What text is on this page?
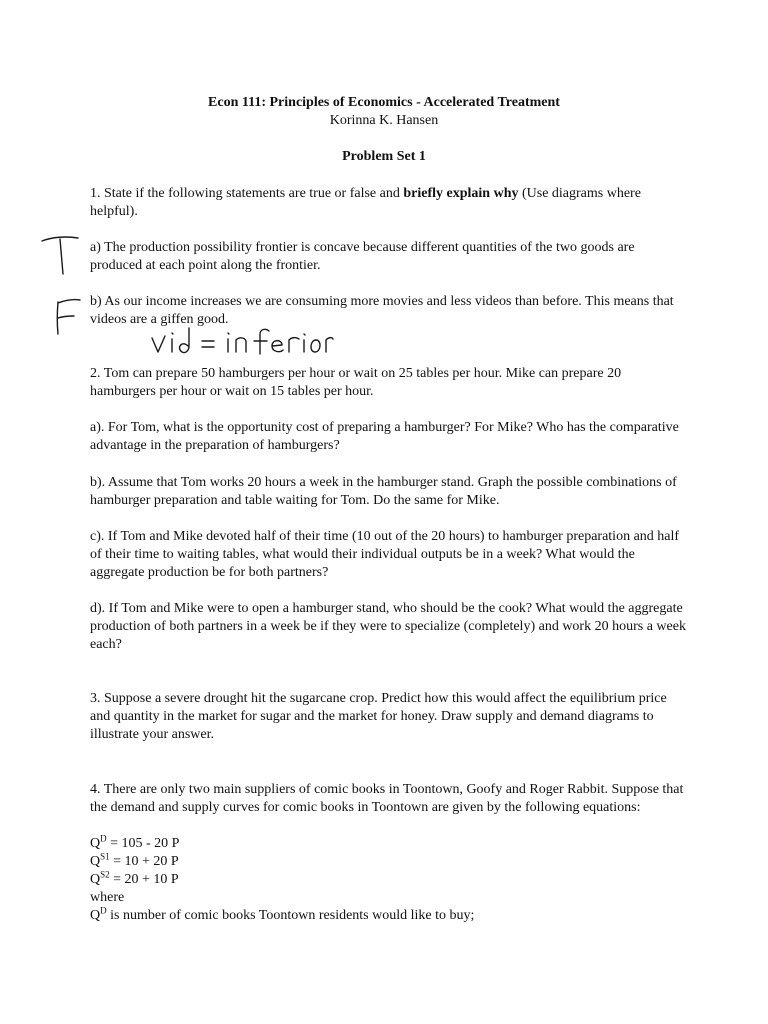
Econ 111: Principles of Economics - Accelerated Treatment

Korinna K. Hansen

Problem Set 1

1. State if the following statements are true or false and briefly explain why (Use diagrams where helpful).

a) The production possibility frontier is concave because different quantities of the two goods are produced at each point along the frontier.

b) As our income increases we are consuming more movies and less videos than before. This means that videos are a giffen good.

2. Tom can prepare 50 hamburgers per hour or wait on 25 tables per hour. Mike can prepare 20 hamburgers per hour or wait on 15 tables per hour.

a). For Tom, what is the opportunity cost of preparing a hamburger? For Mike? Who has the comparative advantage in the preparation of hamburgers?

b). Assume that Tom works 20 hours a week in the hamburger stand. Graph the possible combinations of hamburger preparation and table waiting for Tom. Do the same for Mike.

c). If Tom and Mike devoted half of their time (10 out of the 20 hours) to hamburger preparation and half of their time to waiting tables, what would their individual outputs be in a week? What would the aggregate production be for both partners?

d). If Tom and Mike were to open a hamburger stand, who should be the cook? What would the aggregate production of both partners in a week be if they were to specialize (completely) and work 20 hours a week each?

3. Suppose a severe drought hit the sugarcane crop. Predict how this would affect the equilibrium price and quantity in the market for sugar and the market for honey. Draw supply and demand diagrams to illustrate your answer.

4. There are only two main suppliers of comic books in Toontown, Goofy and Roger Rabbit. Suppose that the demand and supply curves for comic books in Toontown are given by the following equations:

$Q^D = 105 - 20$ P

$Q^{S1} = 10 + 20$ P

$Q^{S2} = 20 + 10$ P

where

$Q^D$ is number of comic books Toontown residents would like to buy;
